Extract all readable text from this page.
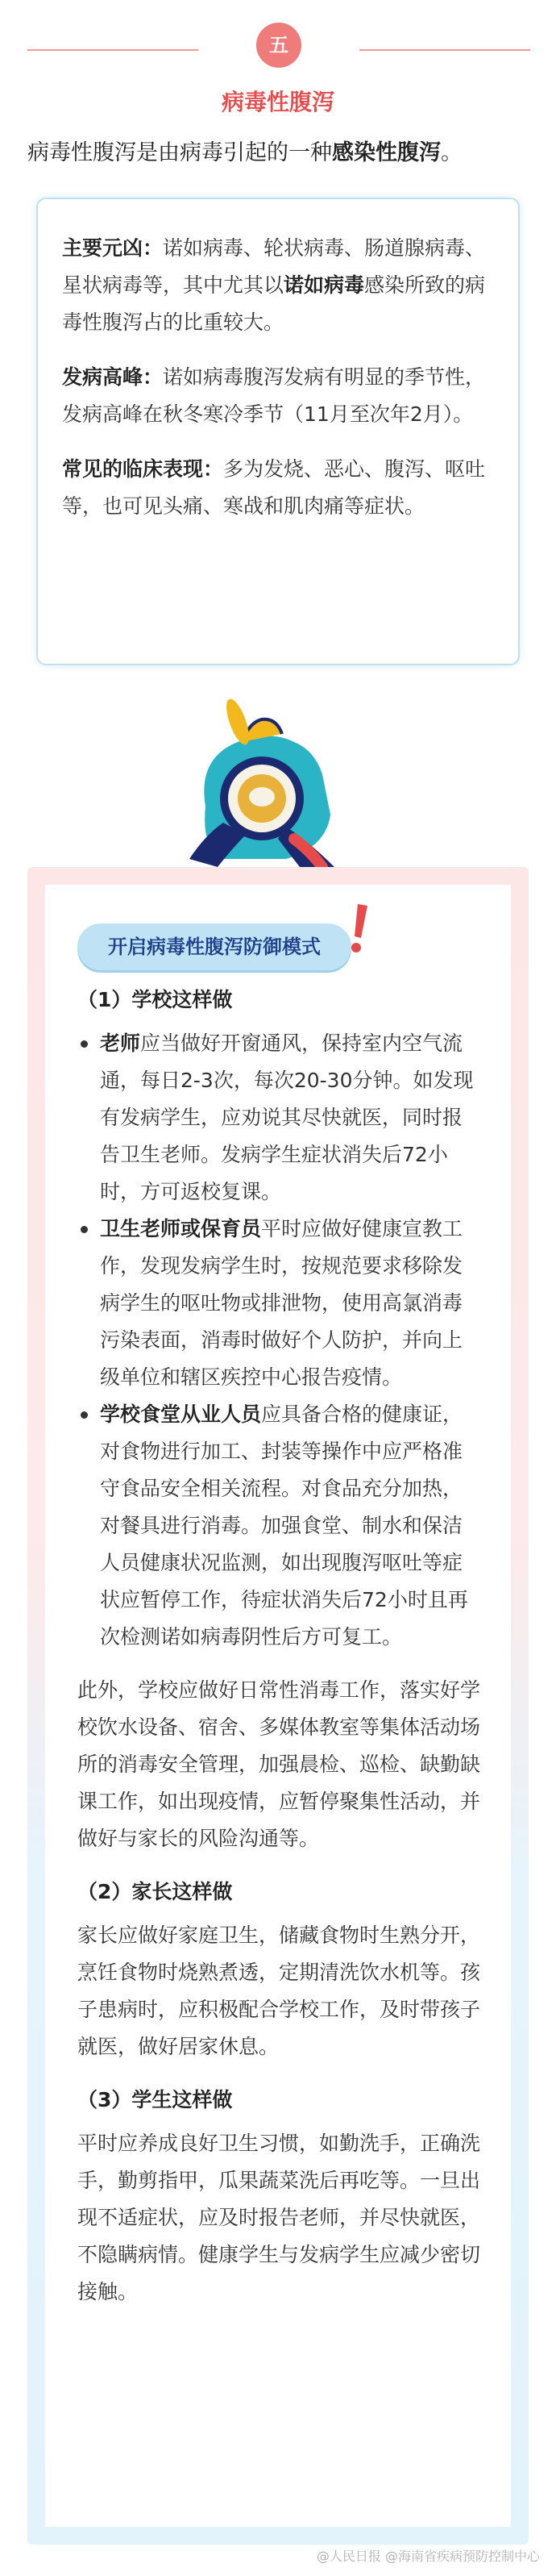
五
病毒性腹泻
病毒性腹泻是由病毒引起的一种感染性腹泻。

主要元凶：诺如病毒、轮状病毒、肠道腺病毒、星状病毒等，其中尤其以诺如病毒感染所致的病毒性腹泻占的比重较大。

发病高峰：诺如病毒腹泻发病有明显的季节性，发病高峰在秋冬寒冷季节（11月至次年2月）。

常见的临床表现：多为发烧、恶心、腹泻、呕吐等，也可见头痛、寒战和肌肉痛等症状。

开启病毒性腹泻防御模式
（1）学校这样做
老师应当做好开窗通风，保持室内空气流通，每日2-3次，每次20-30分钟。如发现有发病学生，应劝说其尽快就医，同时报告卫生老师。发病学生症状消失后72小时，方可返校复课。
卫生老师或保育员平时应做好健康宣教工作，发现发病学生时，按规范要求移除发病学生的呕吐物或排泄物，使用高氯消毒污染表面，消毒时做好个人防护，并向上级单位和辖区疾控中心报告疫情。
学校食堂从业人员应具备合格的健康证，对食物进行加工、封装等操作中应严格准守食品安全相关流程。对食品充分加热，对餐具进行消毒。加强食堂、制水和保洁人员健康状况监测，如出现腹泻呕吐等症状应暂停工作，待症状消失后72小时且再次检测诺如病毒阴性后方可复工。

此外，学校应做好日常性消毒工作，落实好学校饮水设备、宿舍、多媒体教室等集体活动场所的消毒安全管理，加强晨检、巡检、缺勤缺课工作，如出现疫情，应暂停聚集性活动，并做好与家长的风险沟通等。

（2）家长这样做

家长应做好家庭卫生，储藏食物时生熟分开，烹饪食物时烧熟煮透，定期清洗饮水机等。孩子患病时，应积极配合学校工作，及时带孩子就医，做好居家休息。

（3）学生这样做

平时应养成良好卫生习惯，如勤洗手，正确洗手，勤剪指甲，瓜果蔬菜洗后再吃等。一旦出现不适症状，应及时报告老师，并尽快就医，不隐瞒病情。健康学生与发病学生应减少密切接触。

@人民日报 @海南省疾病预防控制中心
